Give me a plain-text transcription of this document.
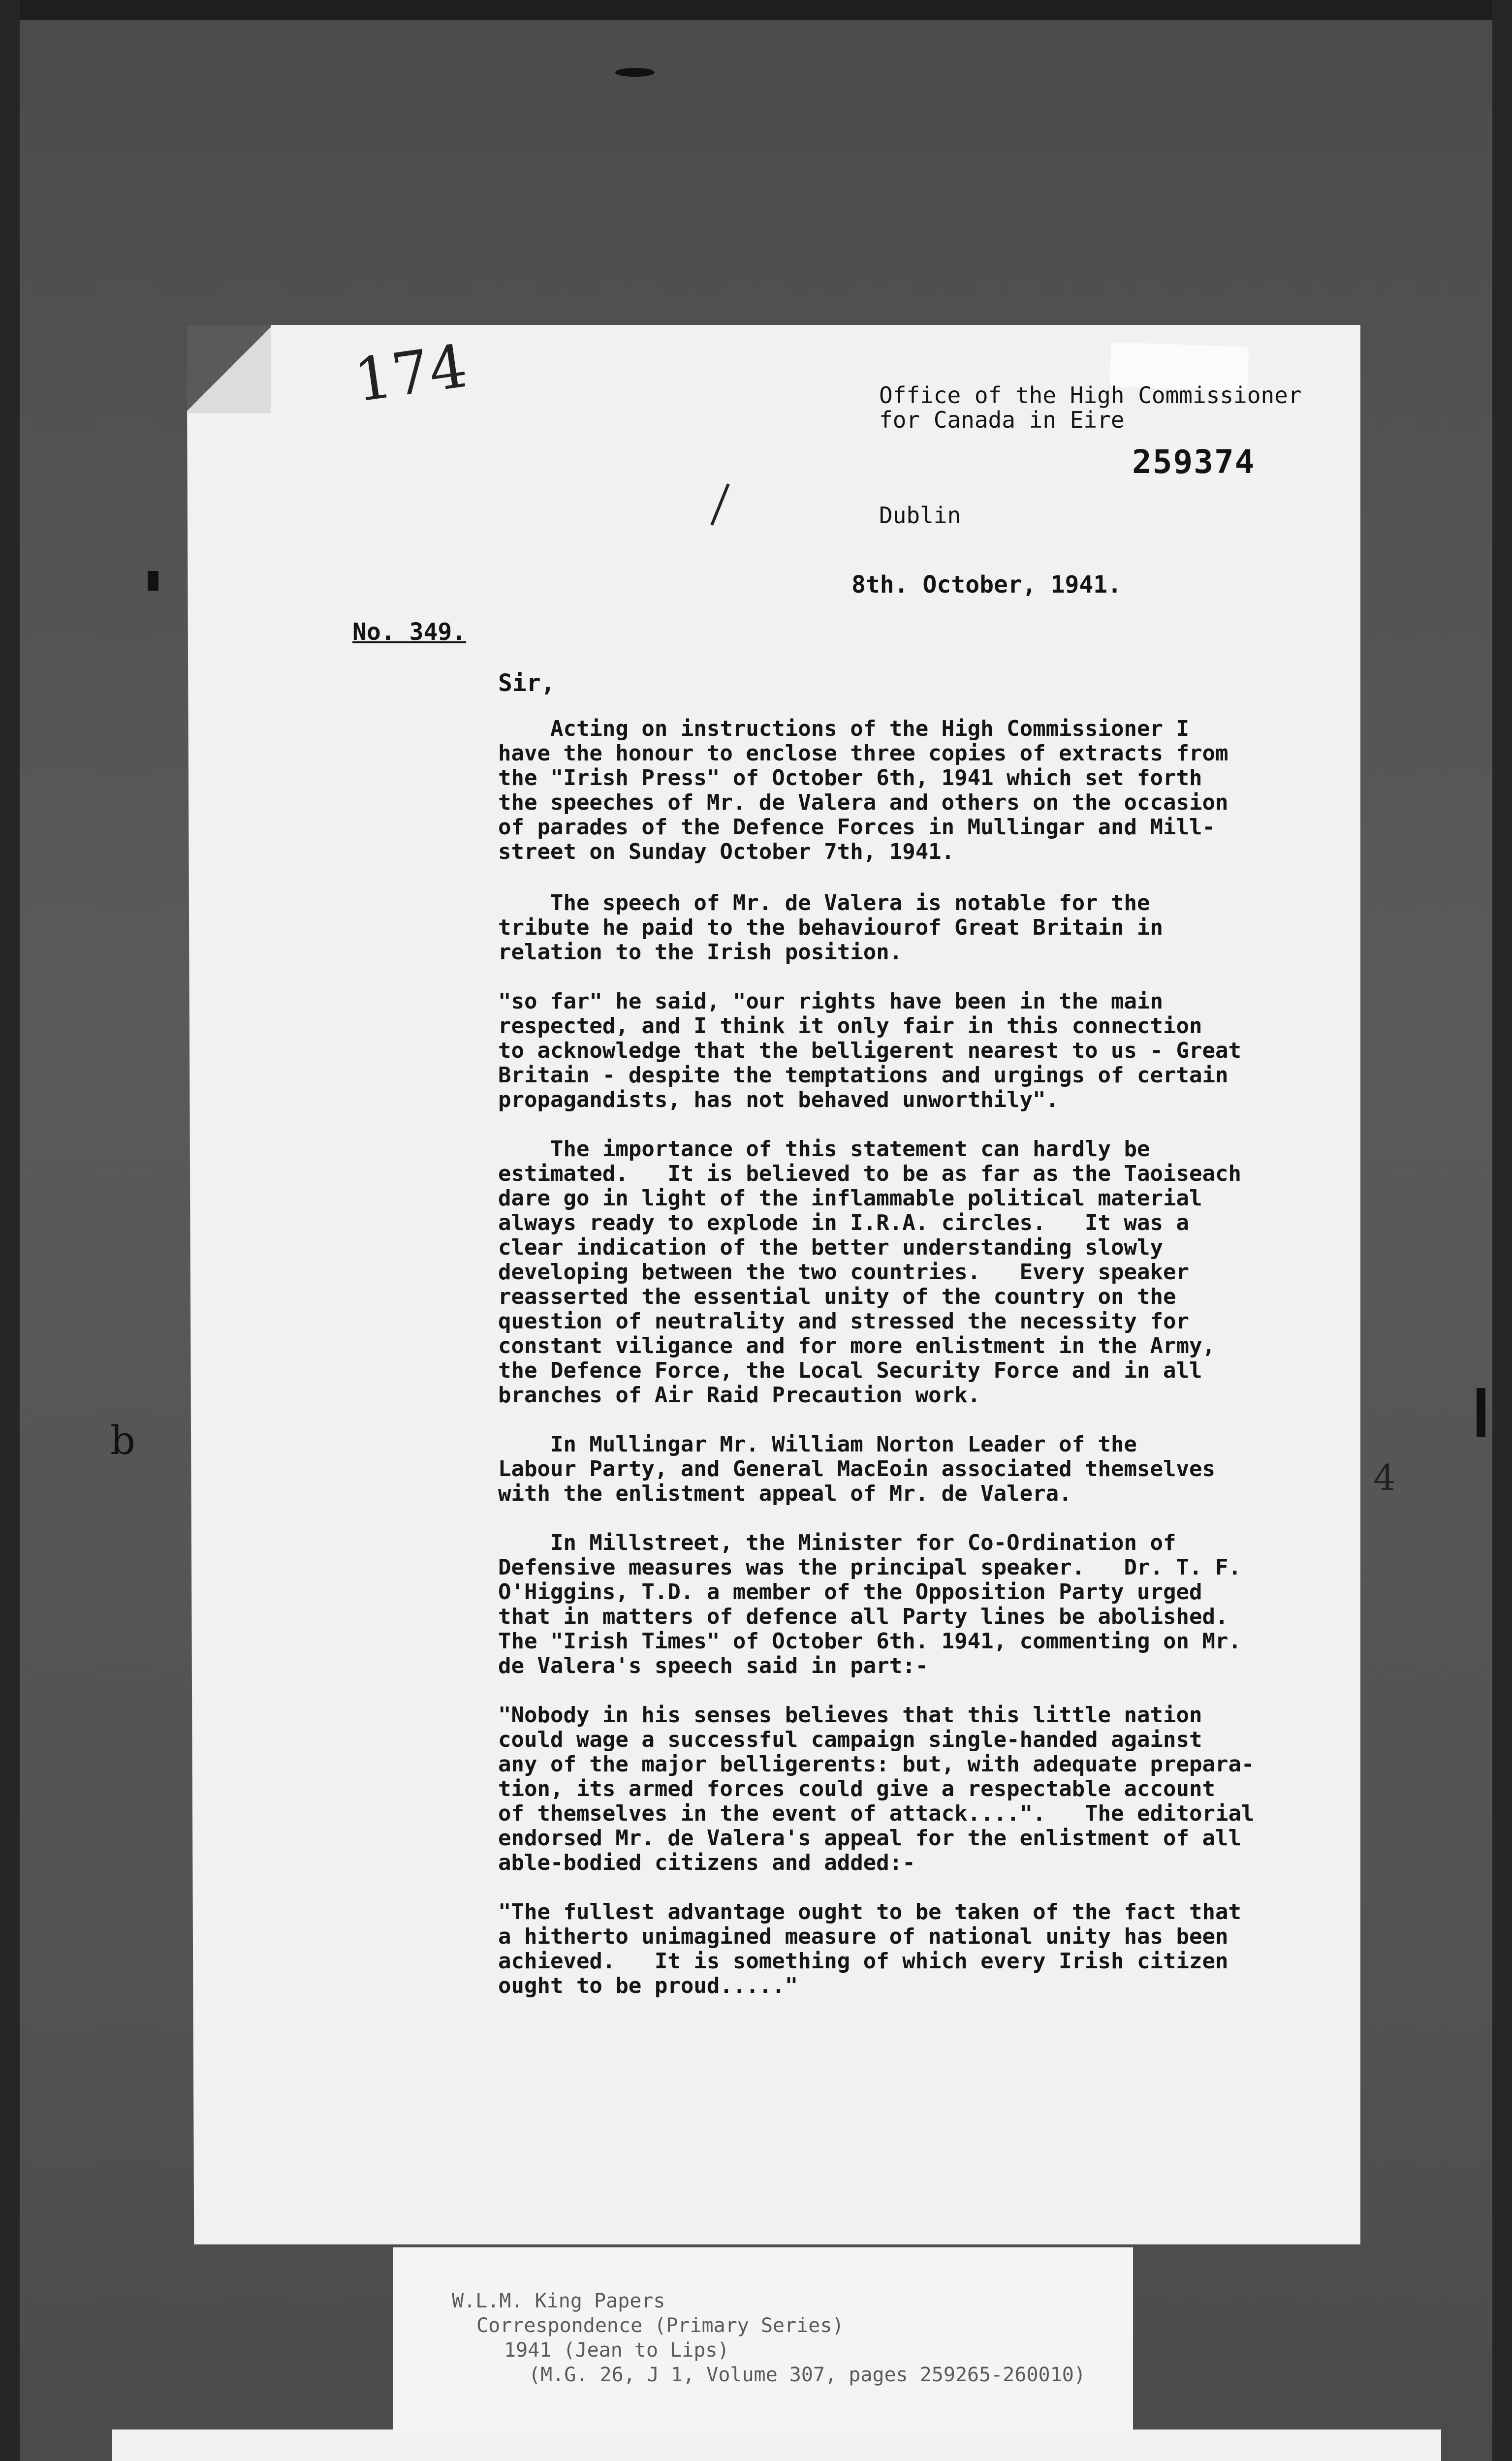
174
b
4
Office of the High Commissioner
for Canada in Eire
259374
Dublin
8th. October, 1941.
No. 349.
Sir,
Acting on instructions of the High Commissioner I
have the honour to enclose three copies of extracts from
the "Irish Press" of October 6th, 1941 which set forth
the speeches of Mr. de Valera and others on the occasion
of parades of the Defence Forces in Mullingar and Mill-
street on Sunday October 7th, 1941.
The speech of Mr. de Valera is notable for the
tribute he paid to the behaviourof Great Britain in
relation to the Irish position.
"so far" he said, "our rights have been in the main
respected, and I think it only fair in this connection
to acknowledge that the belligerent nearest to us - Great
Britain - despite the temptations and urgings of certain
propagandists, has not behaved unworthily".
The importance of this statement can hardly be
estimated.   It is believed to be as far as the Taoiseach
dare go in light of the inflammable political material
always ready to explode in I.R.A. circles.   It was a
clear indication of the better understanding slowly
developing between the two countries.   Every speaker
reasserted the essential unity of the country on the
question of neutrality and stressed the necessity for
constant viligance and for more enlistment in the Army,
the Defence Force, the Local Security Force and in all
branches of Air Raid Precaution work.
In Mullingar Mr. William Norton Leader of the
Labour Party, and General MacEoin associated themselves
with the enlistment appeal of Mr. de Valera.
In Millstreet, the Minister for Co-Ordination of
Defensive measures was the principal speaker.   Dr. T. F.
O'Higgins, T.D. a member of the Opposition Party urged
that in matters of defence all Party lines be abolished.
The "Irish Times" of October 6th. 1941, commenting on Mr.
de Valera's speech said in part:-
"Nobody in his senses believes that this little nation
could wage a successful campaign single-handed against
any of the major belligerents: but, with adequate prepara-
tion, its armed forces could give a respectable account
of themselves in the event of attack....".   The editorial
endorsed Mr. de Valera's appeal for the enlistment of all
able-bodied citizens and added:-
"The fullest advantage ought to be taken of the fact that
a hitherto unimagined measure of national unity has been
achieved.   It is something of which every Irish citizen
ought to be proud....."
W.L.M. King Papers
Correspondence (Primary Series)
1941 (Jean to Lips)
(M.G. 26, J 1, Volume 307, pages 259265-260010)
